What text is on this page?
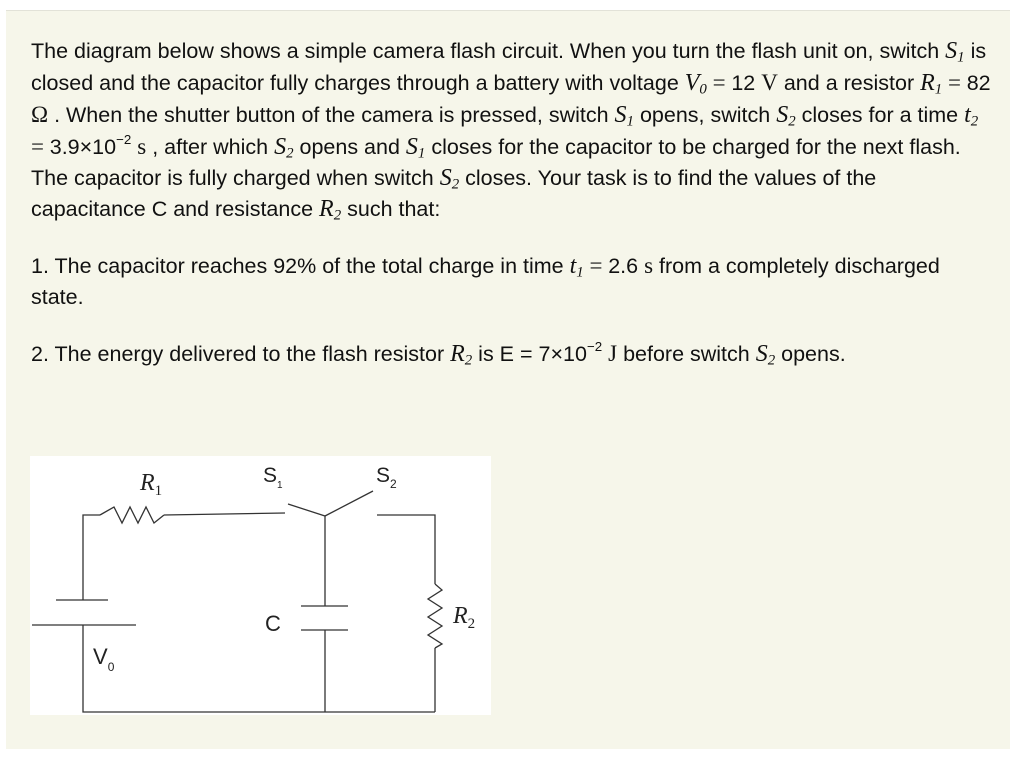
The diagram below shows a simple camera flash circuit. When you turn the flash unit on, switch $S_1$ is closed and the capacitor fully charges through a battery with voltage $V_0 = 12$ V and a resistor $R_1 = 82$ Ω . When the shutter button of the camera is pressed, switch $S_1$ opens, switch $S_2$ closes for a time $t_2 = 3.9\times 10^{-2}$ s , after which $S_2$ opens and $S_1$ closes for the capacitor to be charged for the next flash. The capacitor is fully charged when switch $S_2$ closes. Your task is to find the values of the capacitance C and resistance $R_2$ such that:

1. The capacitor reaches 92% of the total charge in time $t_1 = 2.6$ s from a completely discharged state.

2. The energy delivered to the flash resistor $R_2$ is $E = 7\times 10^{-2}$ J before switch $S_2$ opens.

$R_1$
$S_1$	$S_2$
C	$R_2$
$V_0$
